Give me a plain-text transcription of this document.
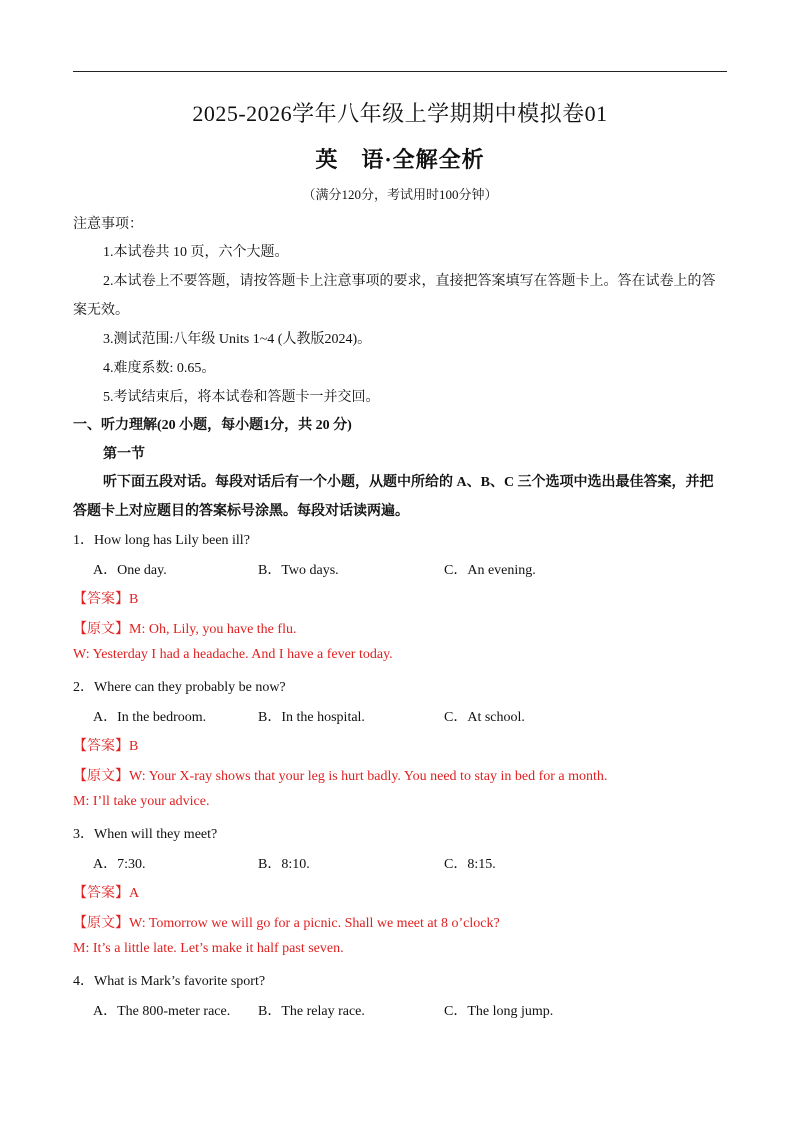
2025-2026学年八年级上学期期中模拟卷01
英　语·全解全析
（满分120分，考试用时100分钟）
注意事项：
1.本试卷共 10 页，六个大题。
2.本试卷上不要答题，请按答题卡上注意事项的要求，直接把答案填写在答题卡上。答在试卷上的答
案无效。
3.测试范围:八年级 Units 1~4 (人教版2024)。
4.难度系数: 0.65。
5.考试结束后，将本试卷和答题卡一并交回。
一、听力理解(20 小题，每小题1分，共 20 分)
第一节
听下面五段对话。每段对话后有一个小题，从题中所给的 A、B、C 三个选项中选出最佳答案，并把
答题卡上对应题目的答案标号涂黑。每段对话读两遍。
1．How long has Lily been ill?
A．One day.	B．Two days.	C．An evening.
【答案】B
【原文】M: Oh, Lily, you have the flu.
W: Yesterday I had a headache. And I have a fever today.
2．Where can they probably be now?
A．In the bedroom.	B．In the hospital.	C．At school.
【答案】B
【原文】W: Your X-ray shows that your leg is hurt badly. You need to stay in bed for a month.
M: I’ll take your advice.
3．When will they meet?
A．7:30.	B．8:10.	C．8:15.
【答案】A
【原文】W: Tomorrow we will go for a picnic. Shall we meet at 8 o’clock?
M: It’s a little late. Let’s make it half past seven.
4．What is Mark’s favorite sport?
A．The 800-meter race. B．The relay race.	C．The long jump.
